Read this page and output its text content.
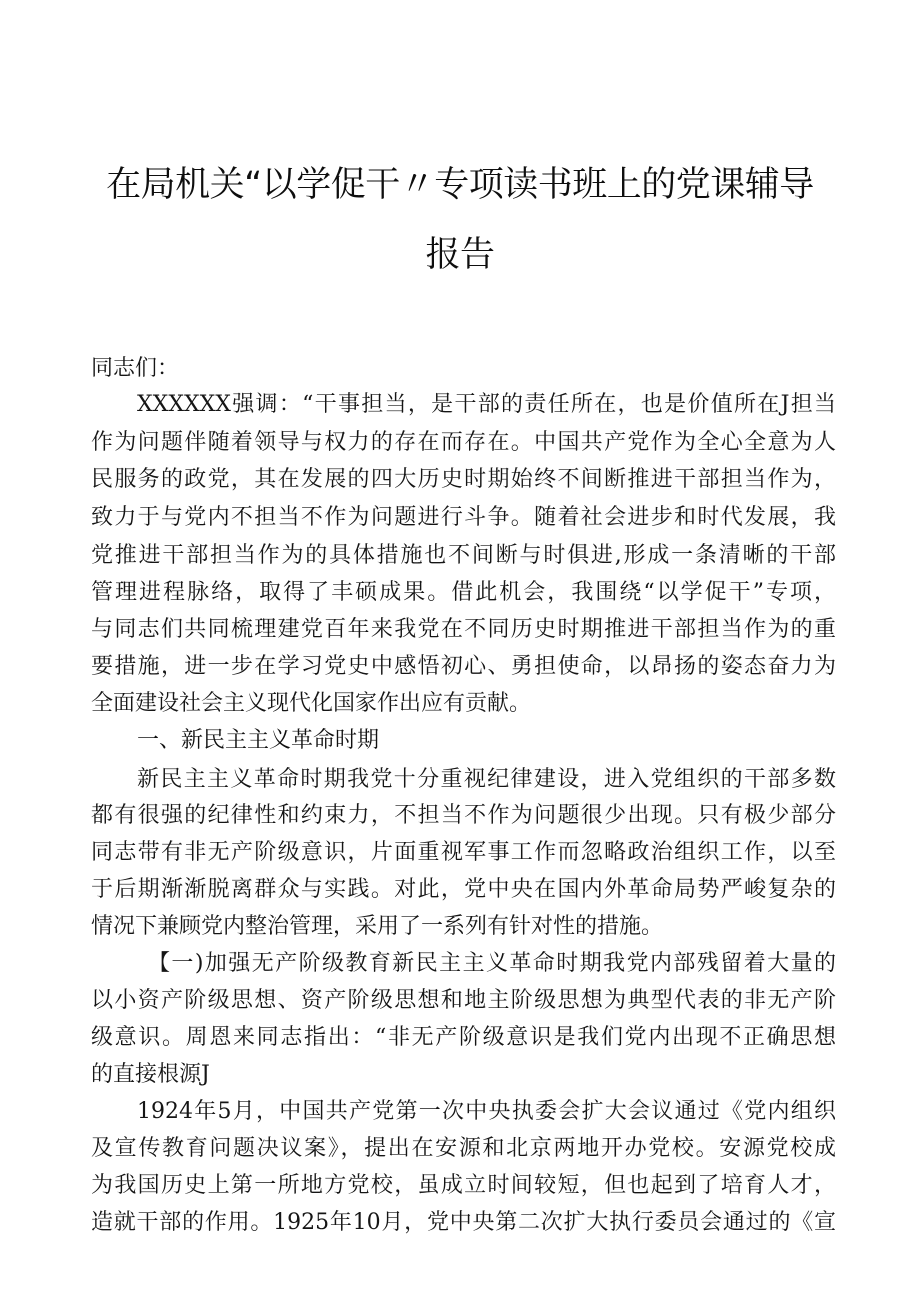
在局机关“以学促干〃专项读书班上的党课辅导
报告
同志们：
XXXXXX强调：“干事担当，是干部的责任所在，也是价值所在J担当
作为问题伴随着领导与权力的存在而存在。中国共产党作为全心全意为人
民服务的政党，其在发展的四大历史时期始终不间断推进干部担当作为，
致力于与党内不担当不作为问题进行斗争。随着社会进步和时代发展，我
党推进干部担当作为的具体措施也不间断与时俱进,形成一条清晰的干部
管理进程脉络，取得了丰硕成果。借此机会，我围绕“以学促干”专项，
与同志们共同梳理建党百年来我党在不同历史时期推进干部担当作为的重
要措施，进一步在学习党史中感悟初心、勇担使命，以昂扬的姿态奋力为
全面建设社会主义现代化国家作出应有贡献。
一、新民主主义革命时期
新民主主义革命时期我党十分重视纪律建设，进入党组织的干部多数
都有很强的纪律性和约束力，不担当不作为问题很少出现。只有极少部分
同志带有非无产阶级意识，片面重视军事工作而忽略政治组织工作，以至
于后期渐渐脱离群众与实践。对此，党中央在国内外革命局势严峻复杂的
情况下兼顾党内整治管理，采用了一系列有针对性的措施。
【一)加强无产阶级教育新民主主义革命时期我党内部残留着大量的
以小资产阶级思想、资产阶级思想和地主阶级思想为典型代表的非无产阶
级意识。周恩来同志指出：“非无产阶级意识是我们党内出现不正确思想
的直接根源J
1924年5月，中国共产党第一次中央执委会扩大会议通过《党内组织
及宣传教育问题决议案》，提出在安源和北京两地开办党校。安源党校成
为我国历史上第一所地方党校，虽成立时间较短，但也起到了培育人才，
造就干部的作用。1925年10月，党中央第二次扩大执行委员会通过的《宣
